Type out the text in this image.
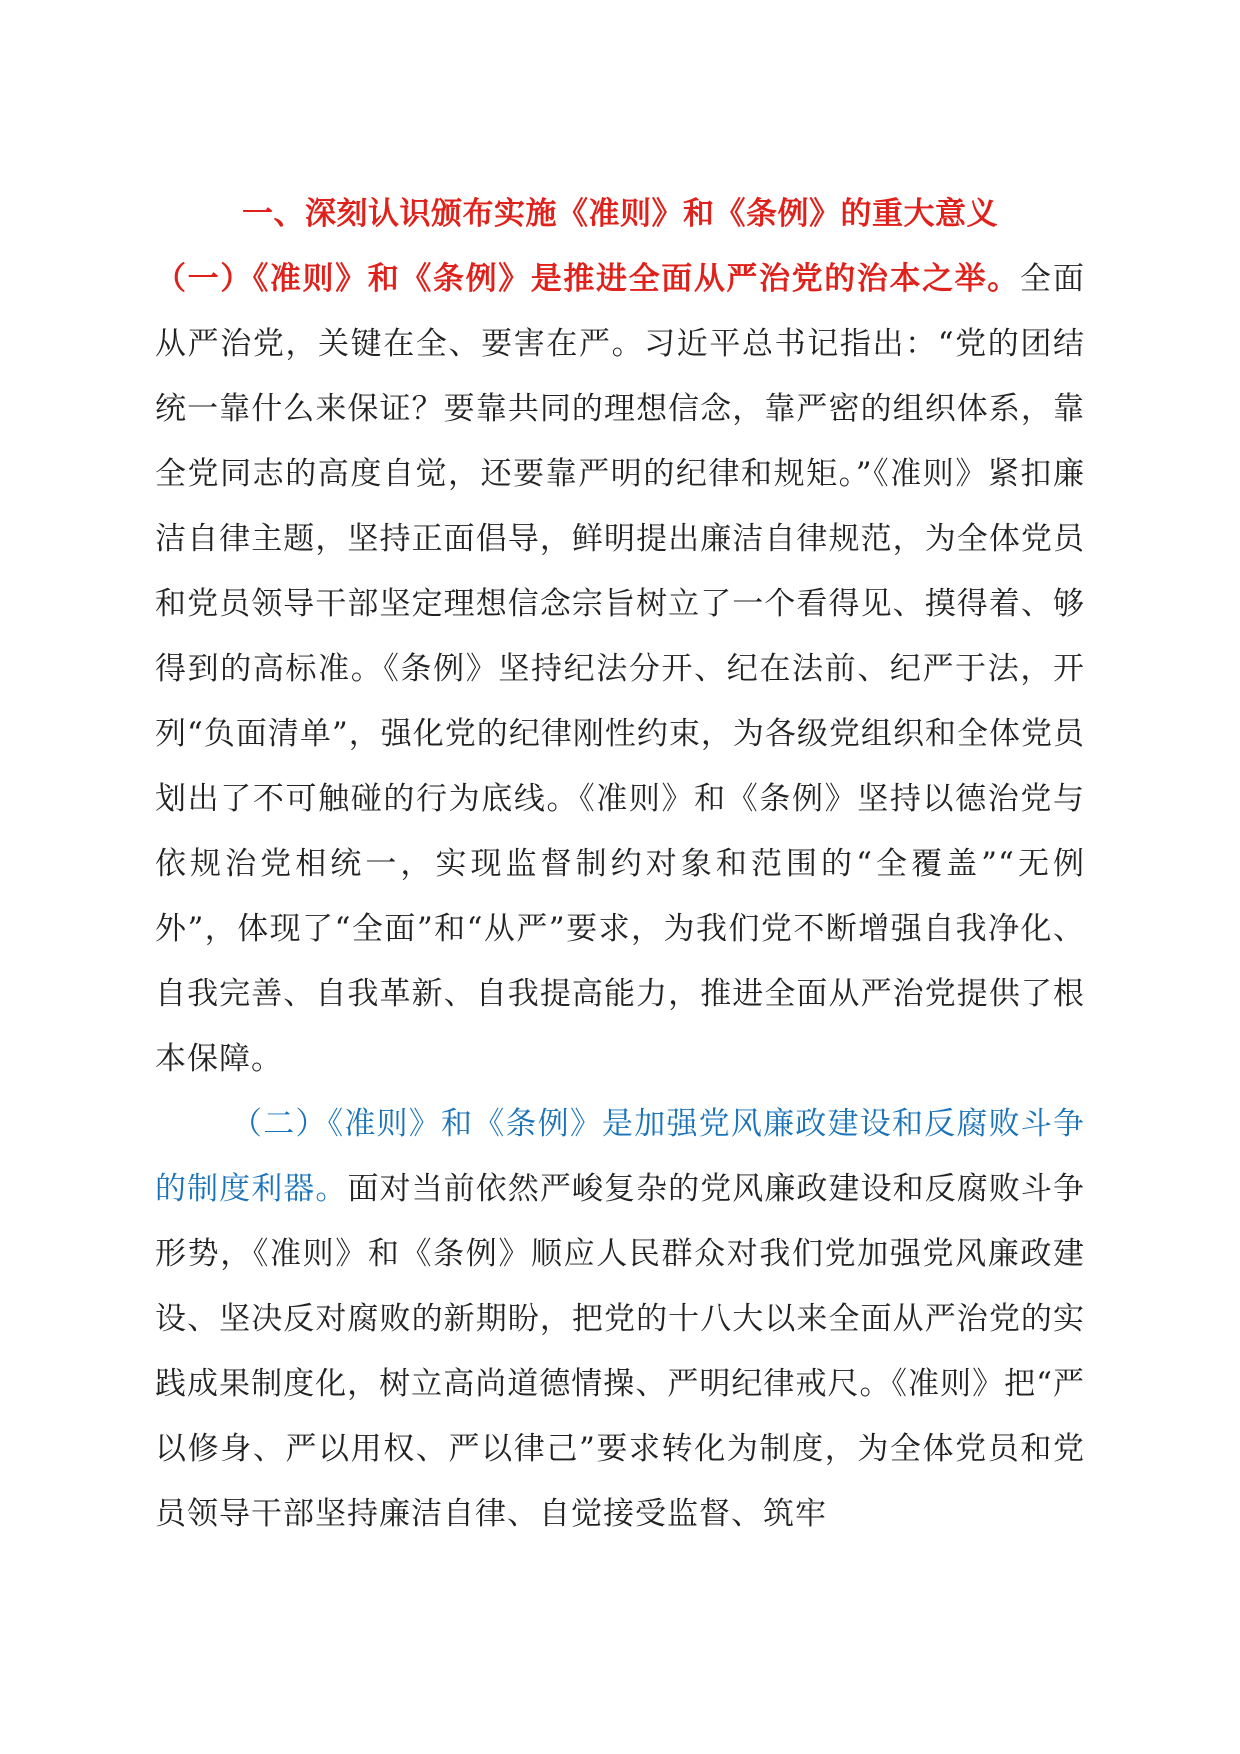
一、深刻认识颁布实施《准则》和《条例》的重大意义

（一）《准则》和《条例》是推进全面从严治党的治本之举。全面从严治党，关键在全、要害在严。习近平总书记指出：“党的团结统一靠什么来保证？要靠共同的理想信念，靠严密的组织体系，靠全党同志的高度自觉，还要靠严明的纪律和规矩。”《准则》紧扣廉洁自律主题，坚持正面倡导，鲜明提出廉洁自律规范，为全体党员和党员领导干部坚定理想信念宗旨树立了一个看得见、摸得着、够得到的高标准。《条例》坚持纪法分开、纪在法前、纪严于法，开列“负面清单”，强化党的纪律刚性约束，为各级党组织和全体党员划出了不可触碰的行为底线。《准则》和《条例》坚持以德治党与依规治党相统一，实现监督制约对象和范围的“全覆盖”“无例外”，体现了“全面”和“从严”要求，为我们党不断增强自我净化、自我完善、自我革新、自我提高能力，推进全面从严治党提供了根本保障。

（二）《准则》和《条例》是加强党风廉政建设和反腐败斗争的制度利器。面对当前依然严峻复杂的党风廉政建设和反腐败斗争形势，《准则》和《条例》顺应人民群众对我们党加强党风廉政建设、坚决反对腐败的新期盼，把党的十八大以来全面从严治党的实践成果制度化，树立高尚道德情操、严明纪律戒尺。《准则》把“严以修身、严以用权、严以律己”要求转化为制度，为全体党员和党员领导干部坚持廉洁自律、自觉接受监督、筑牢
